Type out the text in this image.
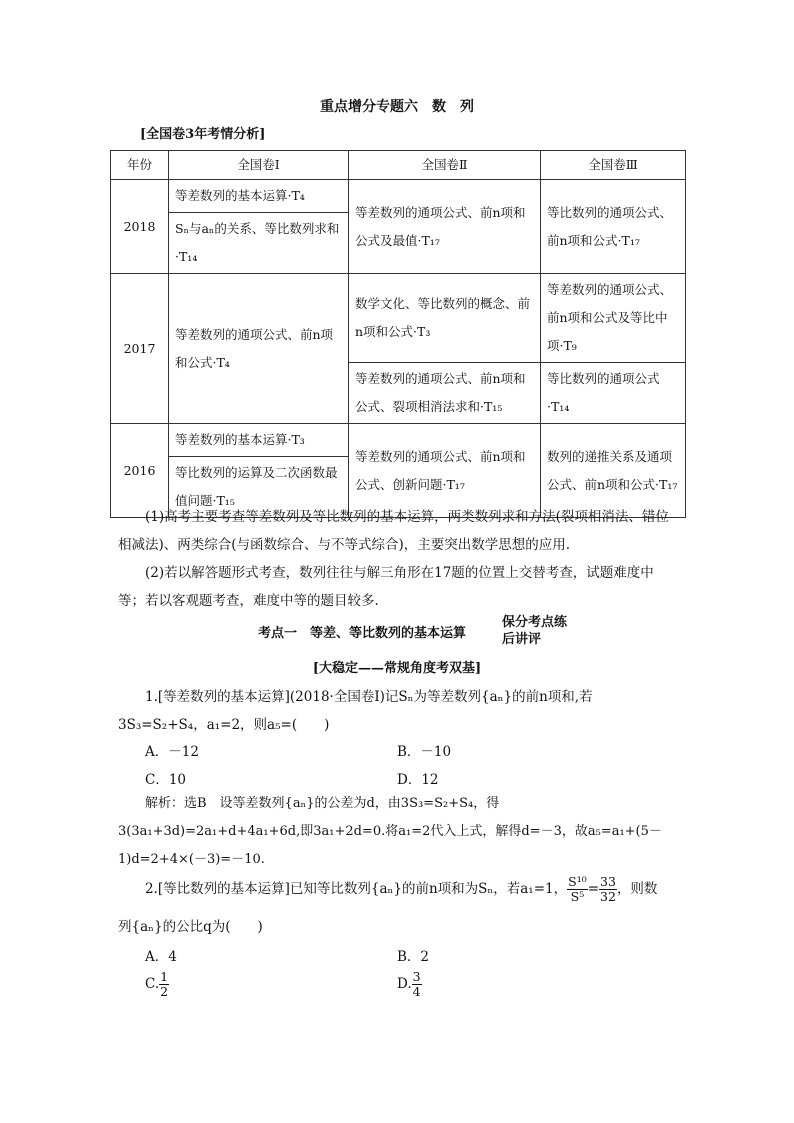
重点增分专题六　数　列
[全国卷3年考情分析]
年份	全国卷Ⅰ	全国卷Ⅱ	全国卷Ⅲ
2018	等差数列的基本运算·T₄	等差数列的通项公式、前n项和公式及最值·T₁₇	等比数列的通项公式、前n项和公式·T₁₇
	Sₙ与aₙ的关系、等比数列求和·T₁₄		
2017	等差数列的通项公式、前n项和公式·T₄	数学文化、等比数列的概念、前n项和公式·T₃	等差数列的通项公式、前n项和公式及等比中项·T₉
		等差数列的通项公式、前n项和公式、裂项相消法求和·T₁₅	等比数列的通项公式·T₁₄
2016	等差数列的基本运算·T₃	等差数列的通项公式、前n项和公式、创新问题·T₁₇	数列的递推关系及通项公式、前n项和公式·T₁₇
	等比数列的运算及二次函数最值问题·T₁₅		

(1)高考主要考查等差数列及等比数列的基本运算，两类数列求和方法(裂项相消法、错位相减法)、两类综合(与函数综合、与不等式综合)，主要突出数学思想的应用.

(2)若以解答题形式考查，数列往往与解三角形在17题的位置上交替考查，试题难度中等；若以客观题考查，难度中等的题目较多.

考点一　等差、等比数列的基本运算
保分考点练后讲评
[大稳定——常规角度考双基]

1.[等差数列的基本运算](2018·全国卷Ⅰ)记Sₙ为等差数列{aₙ}的前n项和,若3S₃=S₂+S₄，a₁=2，则a₅=(　　)

A．－12	B．－10
C．10	D．12

解析：选B　设等差数列{aₙ}的公差为d，由3S₃=S₂+S₄，得3(3a₁+3d)=2a₁+d+4a₁+6d,即3a₁+2d=0.将a₁=2代入上式，解得d=－3，故a₅=a₁+(5－1)d=2+4×(－3)=－10.

2.[等比数列的基本运算]已知等比数列{aₙ}的前n项和为Sₙ，若a₁=1， $\frac{\text{S¹⁰}}{\text{S⁵}} = \frac{33}{32}$ ，则数
列{aₙ}的公比q为(　　)
A．4	B．2
C. $\frac{1}{2}$	D. $\frac{3}{4}$
